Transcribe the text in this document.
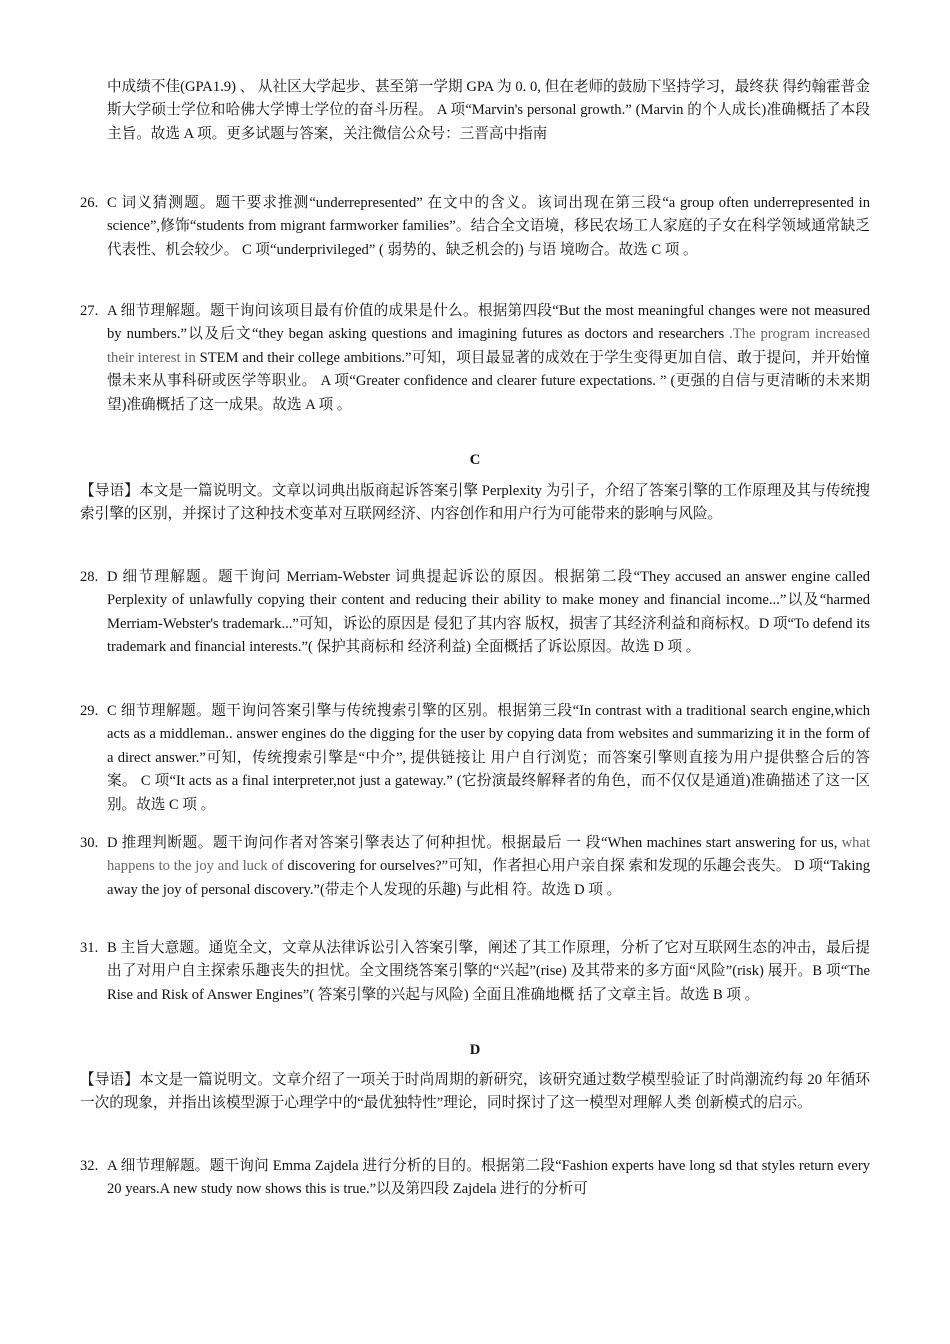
中成绩不佳(GPA1.9) 、 从社区大学起步、甚至第一学期 GPA 为 0. 0, 但在老师的鼓励下坚持学习，最终获 得约翰霍普金斯大学硕士学位和哈佛大学博士学位的奋斗历程。 A 项“Marvin's personal growth.” (Marvin 的个人成长)准确概括了本段主旨。故选 A 项。更多试题与答案，关注微信公众号：三晋高中指南
26. C 词义猜测题。题干要求推测“underrepresented” 在文中的含义。该词出现在第三段“a group often underrepresented in science”,修饰“students from migrant farmworker families”。结合全文语境，移民农场工人家庭的子女在科学领域通常缺乏代表性、机会较少。 C 项“underprivileged” ( 弱势的、缺乏机会的) 与语 境吻合。故选 C 项 。
27. A 细节理解题。题干询问该项目最有价值的成果是什么。根据第四段“But the most meaningful changes were not measured by numbers.”以及后文“they began asking questions and imagining futures as doctors and researchers .The program increased their interest in STEM and their college ambitions.”可知，项目最显著的成效在于学生变得更加自信、敢于提问，并开始憧憬未来从事科研或医学等职业。 A 项“Greater confidence and clearer future expectations. ” (更强的自信与更清晰的未来期望)准确概括了这一成果。故选 A 项 。
C
【导语】本文是一篇说明文。文章以词典出版商起诉答案引擎 Perplexity 为引子，介绍了答案引擎的工作原理及其与传统搜索引擎的区别，并探讨了这种技术变革对互联网经济、内容创作和用户行为可能带来的影响与风险。
28. D 细节理解题。题干询问 Merriam-Webster 词典提起诉讼的原因。根据第二段“They accused an answer engine called Perplexity of unlawfully copying their content and reducing their ability to make money and financial income...”以及“harmed Merriam-Webster's trademark...”可知，诉讼的原因是 侵犯了其内容 版权，损害了其经济利益和商标权。D 项“To defend its trademark and financial interests.”( 保护其商标和 经济利益) 全面概括了诉讼原因。故选 D 项 。
29. C 细节理解题。题干询问答案引擎与传统搜索引擎的区别。根据第三段“In contrast with a traditional search engine,which acts as a middleman.. answer engines do the digging for the user by copying data from websites and summarizing it in the form of a direct answer.”可知，传统搜索引擎是“中介”, 提供链接让 用户自行浏览；而答案引擎则直接为用户提供整合后的答案。 C 项“It acts as a final interpreter,not just a gateway.” (它扮演最终解释者的角色，而不仅仅是通道)准确描述了这一区别。故选 C 项 。
30. D 推理判断题。题干询问作者对答案引擎表达了何种担忧。根据最后 一 段“When machines start answering for us, what happens to the joy and luck of discovering for ourselves?”可知，作者担心用户亲自探 索和发现的乐趣会丧失。 D 项“Taking away the joy of personal discovery.”(带走个人发现的乐趣) 与此相 符。故选 D 项 。
31. B 主旨大意题。通览全文，文章从法律诉讼引入答案引擎，阐述了其工作原理，分析了它对互联网生态的冲击，最后提出了对用户自主探索乐趣丧失的担忧。全文围绕答案引擎的“兴起”(rise) 及其带来的多方面“风险”(risk) 展开。B 项“The Rise and Risk of Answer Engines”( 答案引擎的兴起与风险) 全面且准确地概 括了文章主旨。故选 B 项 。
D
【导语】本文是一篇说明文。文章介绍了一项关于时尚周期的新研究，该研究通过数学模型验证了时尚潮流约每 20 年循环一次的现象，并指出该模型源于心理学中的“最优独特性”理论，同时探讨了这一模型对理解人类 创新模式的启示。
32. A 细节理解题。题干询问 Emma Zajdela 进行分析的目的。根据第二段“Fashion experts have long sd that styles return every 20 years.A new study now shows this is true.”以及第四段 Zajdela 进行的分析可
